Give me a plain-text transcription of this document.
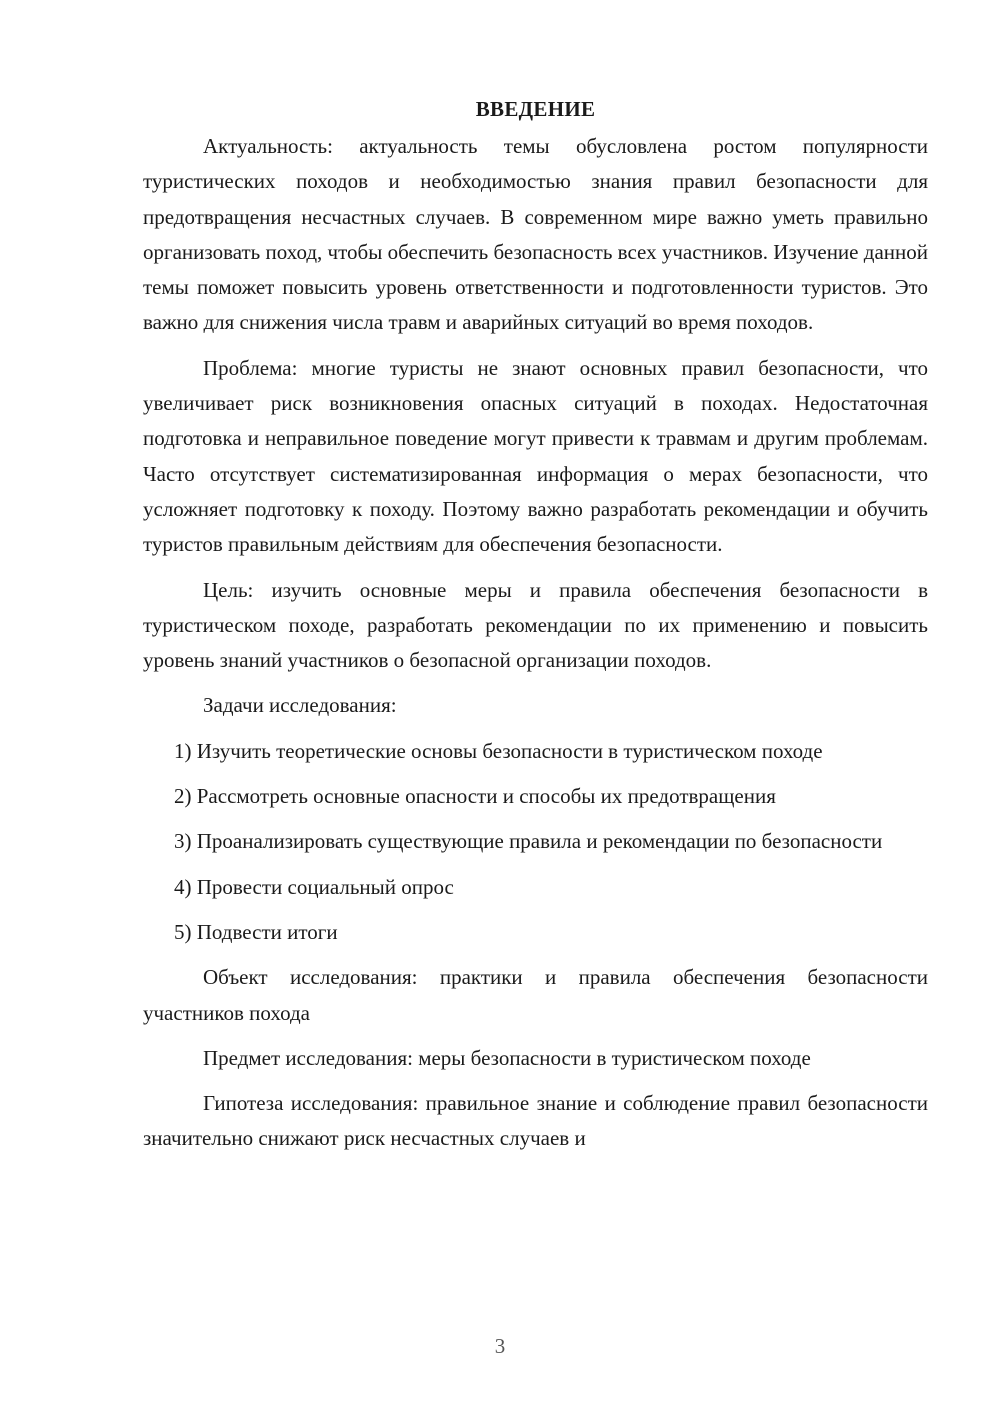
ВВЕДЕНИЕ

Актуальность: актуальность темы обусловлена ростом популярности туристических походов и необходимостью знания правил безопасности для предотвращения несчастных случаев. В современном мире важно уметь правильно организовать поход, чтобы обеспечить безопасность всех участников. Изучение данной темы поможет повысить уровень ответственности и подготовленности туристов. Это важно для снижения числа травм и аварийных ситуаций во время походов.

Проблема: многие туристы не знают основных правил безопасности, что увеличивает риск возникновения опасных ситуаций в походах. Недостаточная подготовка и неправильное поведение могут привести к травмам и другим проблемам. Часто отсутствует систематизированная информация о мерах безопасности, что усложняет подготовку к походу. Поэтому важно разработать рекомендации и обучить туристов правильным действиям для обеспечения безопасности.

Цель: изучить основные меры и правила обеспечения безопасности в туристическом походе, разработать рекомендации по их применению и повысить уровень знаний участников о безопасной организации походов.

Задачи исследования:

1) Изучить теоретические основы безопасности в туристическом походе

2) Рассмотреть основные опасности и способы их предотвращения

3) Проанализировать существующие правила и рекомендации по безопасности

4) Провести социальный опрос

5) Подвести итоги

Объект исследования: практики и правила обеспечения безопасности участников похода

Предмет исследования: меры безопасности в туристическом походе

Гипотеза исследования: правильное знание и соблюдение правил безопасности значительно снижают риск несчастных случаев и

3
